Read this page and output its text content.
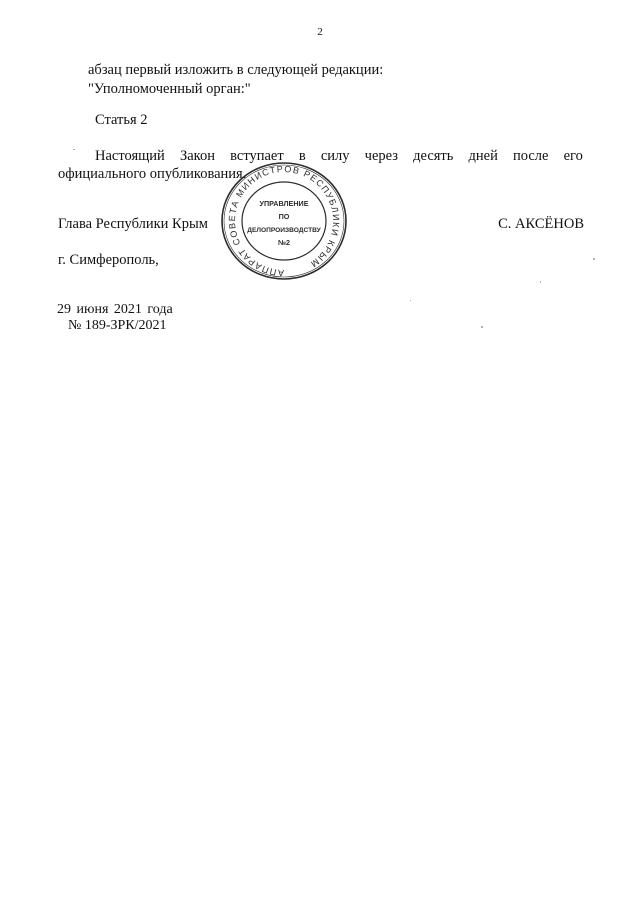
2
абзац первый изложить в следующей редакции:
"Уполномоченный орган:"
Статья 2
Настоящий Закон вступает в силу через десять дней после его
официального опубликования.
Глава Республики Крым	С. АКСЁНОВ
г. Симферополь,
29 июня 2021 года
№ 189-ЗРК/2021
АППАРАТ СОВЕТА МИНИСТРОВ РЕСПУБЛИКИ КРЫМ
УПРАВЛЕНИЕ
ПО
ДЕЛОПРОИЗВОДСТВУ
№2
